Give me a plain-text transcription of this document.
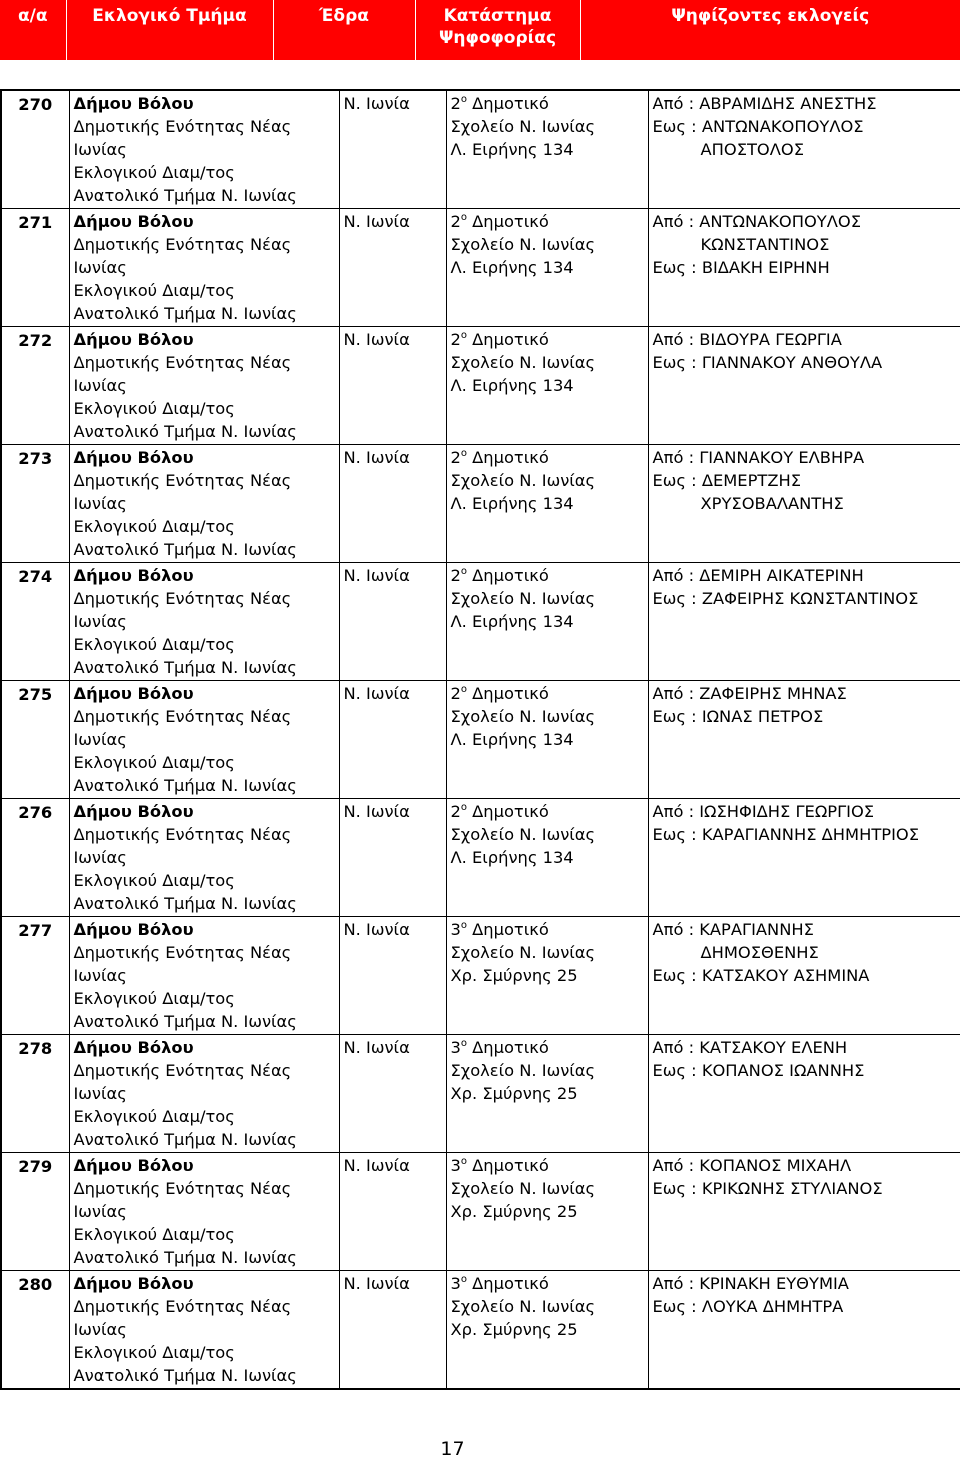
α/α	Εκλογικό Τμήμα	Έδρα	Κατάστημα Ψηφοφορίας	Ψηφίζοντες εκλογείς
270	Δήμου Βόλου
Δημοτικής Ενότητας Νέας
Ιωνίας
Εκλογικού Διαμ/τος
Ανατολικό Τμήμα Ν. Ιωνίας	Ν. Ιωνία	$2^o$ Δημοτικό
Σχολείο Ν. Ιωνίας
Λ. Ειρήνης 134	Από : ΑΒΡΑΜΙΔΗΣ ΑΝΕΣΤΗΣ
Εως : ΑΝΤΩΝΑΚΟΠΟΥΛΟΣ
ΑΠΟΣΤΟΛΟΣ

271	Δήμου Βόλου
Δημοτικής Ενότητας Νέας
Ιωνίας
Εκλογικού Διαμ/τος
Ανατολικό Τμήμα Ν. Ιωνίας	Ν. Ιωνία	$2^o$ Δημοτικό
Σχολείο Ν. Ιωνίας
Λ. Ειρήνης 134	Από : ΑΝΤΩΝΑΚΟΠΟΥΛΟΣ
ΚΩΝΣΤΑΝΤΙΝΟΣ
Εως : ΒΙΔΑΚΗ ΕΙΡΗΝΗ

272	Δήμου Βόλου
Δημοτικής Ενότητας Νέας
Ιωνίας
Εκλογικού Διαμ/τος
Ανατολικό Τμήμα Ν. Ιωνίας	Ν. Ιωνία	$2^o$ Δημοτικό
Σχολείο Ν. Ιωνίας
Λ. Ειρήνης 134	Από : ΒΙΔΟΥΡΑ ΓΕΩΡΓΙΑ
Εως : ΓΙΑΝΝΑΚΟΥ ΑΝΘΟΥΛΑ

273	Δήμου Βόλου
Δημοτικής Ενότητας Νέας
Ιωνίας
Εκλογικού Διαμ/τος
Ανατολικό Τμήμα Ν. Ιωνίας	Ν. Ιωνία	$2^o$ Δημοτικό
Σχολείο Ν. Ιωνίας
Λ. Ειρήνης 134	Από : ΓΙΑΝΝΑΚΟΥ ΕΛΒΗΡΑ
Εως : ΔΕΜΕΡΤΖΗΣ
ΧΡΥΣΟΒΑΛΑΝΤΗΣ

274	Δήμου Βόλου
Δημοτικής Ενότητας Νέας
Ιωνίας
Εκλογικού Διαμ/τος
Ανατολικό Τμήμα Ν. Ιωνίας	Ν. Ιωνία	$2^o$ Δημοτικό
Σχολείο Ν. Ιωνίας
Λ. Ειρήνης 134	Από : ΔΕΜΙΡΗ ΑΙΚΑΤΕΡΙΝΗ
Εως : ΖΑΦΕΙΡΗΣ ΚΩΝΣΤΑΝΤΙΝΟΣ

275	Δήμου Βόλου
Δημοτικής Ενότητας Νέας
Ιωνίας
Εκλογικού Διαμ/τος
Ανατολικό Τμήμα Ν. Ιωνίας	Ν. Ιωνία	$2^o$ Δημοτικό
Σχολείο Ν. Ιωνίας
Λ. Ειρήνης 134	Από : ΖΑΦΕΙΡΗΣ ΜΗΝΑΣ
Εως : ΙΩΝΑΣ ΠΕΤΡΟΣ

276	Δήμου Βόλου
Δημοτικής Ενότητας Νέας
Ιωνίας
Εκλογικού Διαμ/τος
Ανατολικό Τμήμα Ν. Ιωνίας	Ν. Ιωνία	$2^o$ Δημοτικό
Σχολείο Ν. Ιωνίας
Λ. Ειρήνης 134	Από : ΙΩΣΗΦΙΔΗΣ ΓΕΩΡΓΙΟΣ
Εως : ΚΑΡΑΓΙΑΝΝΗΣ ΔΗΜΗΤΡΙΟΣ

277	Δήμου Βόλου
Δημοτικής Ενότητας Νέας
Ιωνίας
Εκλογικού Διαμ/τος
Ανατολικό Τμήμα Ν. Ιωνίας	Ν. Ιωνία	$3^o$ Δημοτικό
Σχολείο Ν. Ιωνίας
Χρ. Σμύρνης 25	Από : ΚΑΡΑΓΙΑΝΝΗΣ
ΔΗΜΟΣΘΕΝΗΣ
Εως : ΚΑΤΣΑΚΟΥ ΑΣΗΜΙΝΑ

278	Δήμου Βόλου
Δημοτικής Ενότητας Νέας
Ιωνίας
Εκλογικού Διαμ/τος
Ανατολικό Τμήμα Ν. Ιωνίας	Ν. Ιωνία	$3^o$ Δημοτικό
Σχολείο Ν. Ιωνίας
Χρ. Σμύρνης 25	Από : ΚΑΤΣΑΚΟΥ ΕΛΕΝΗ
Εως : ΚΟΠΑΝΟΣ ΙΩΑΝΝΗΣ

279	Δήμου Βόλου
Δημοτικής Ενότητας Νέας
Ιωνίας
Εκλογικού Διαμ/τος
Ανατολικό Τμήμα Ν. Ιωνίας	Ν. Ιωνία	$3^o$ Δημοτικό
Σχολείο Ν. Ιωνίας
Χρ. Σμύρνης 25	Από : ΚΟΠΑΝΟΣ ΜΙΧΑΗΛ
Εως : ΚΡΙΚΩΝΗΣ ΣΤΥΛΙΑΝΟΣ

280	Δήμου Βόλου
Δημοτικής Ενότητας Νέας
Ιωνίας
Εκλογικού Διαμ/τος
Ανατολικό Τμήμα Ν. Ιωνίας	Ν. Ιωνία	$3^o$ Δημοτικό
Σχολείο Ν. Ιωνίας
Χρ. Σμύρνης 25	Από : ΚΡΙΝΑΚΗ ΕΥΘΥΜΙΑ
Εως : ΛΟΥΚΑ ΔΗΜΗΤΡΑ
17
